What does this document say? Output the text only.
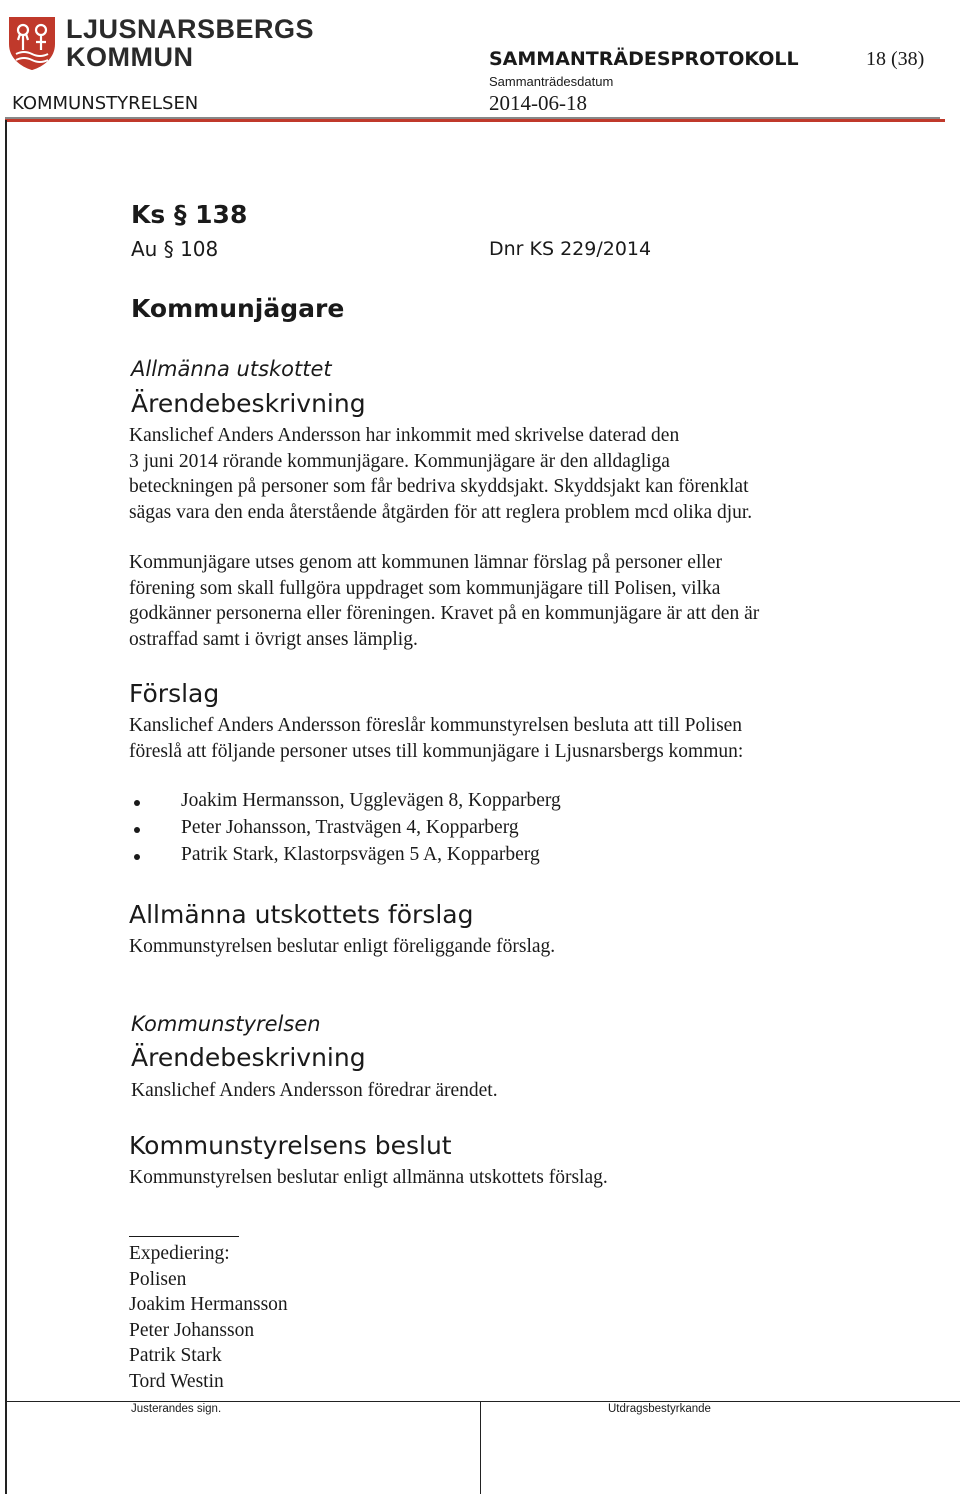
LJUSNARSBERGS
KOMMUN	SAMMANTRÄDESPROTOKOLL	18 (38)
Sammanträdesdatum
KOMMUNSTYRELSEN	2014-06-18
Ks § 138
Au § 108	Dnr KS 229/2014
Kommunjägare
Allmänna utskottet
Ärendebeskrivning
Kanslichef Anders Andersson har inkommit med skrivelse daterad den
3 juni 2014 rörande kommunjägare. Kommunjägare är den alldagliga
beteckningen på personer som får bedriva skyddsjakt. Skyddsjakt kan förenklat
sägas vara den enda återstående åtgärden för att reglera problem mcd olika djur.
Kommunjägare utses genom att kommunen lämnar förslag på personer eller
förening som skall fullgöra uppdraget som kommunjägare till Polisen, vilka
godkänner personerna eller föreningen. Kravet på en kommunjägare är att den är
ostraffad samt i övrigt anses lämplig.
Förslag
Kanslichef Anders Andersson föreslår kommunstyrelsen besluta att till Polisen
föreslå att följande personer utses till kommunjägare i Ljusnarsbergs kommun:
Joakim Hermansson, Ugglevägen 8, Kopparberg
Peter Johansson, Trastvägen 4, Kopparberg
Patrik Stark, Klastorpsvägen 5 A, Kopparberg
Allmänna utskottets förslag
Kommunstyrelsen beslutar enligt föreliggande förslag.
Kommunstyrelsen
Ärendebeskrivning
Kanslichef Anders Andersson föredrar ärendet.
Kommunstyrelsens beslut
Kommunstyrelsen beslutar enligt allmänna utskottets förslag.
Expediering:
Polisen
Joakim Hermansson
Peter Johansson
Patrik Stark
Tord Westin
Justerandes sign.	Utdragsbestyrkande
